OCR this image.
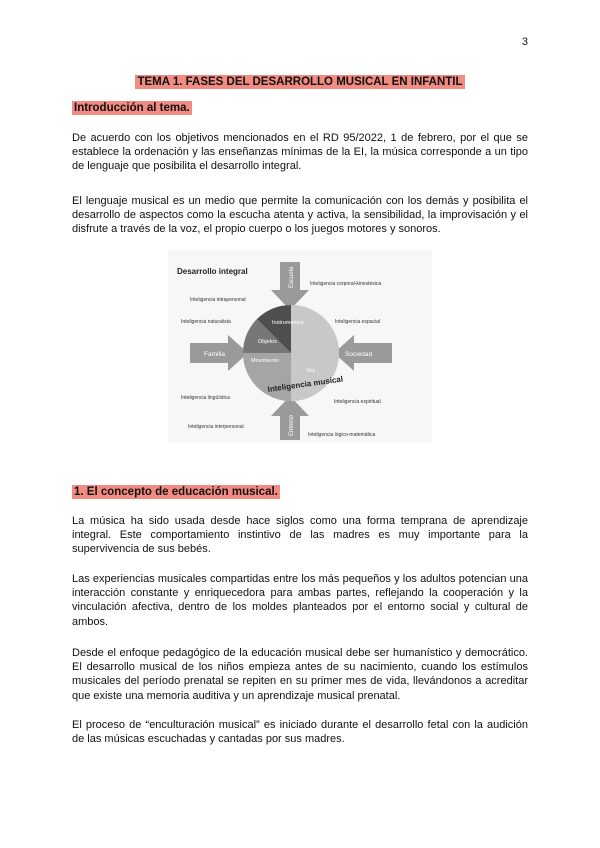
3
TEMA 1. FASES DEL DESARROLLO MUSICAL EN INFANTIL
Introducción al tema.

De acuerdo con los objetivos mencionados en el RD 95/2022, 1 de febrero, por el que se establece la ordenación y las enseñanzas mínimas de la EI, la música corresponde a un tipo de lenguaje que posibilita el desarrollo integral.

El lenguaje musical es un medio que permite la comunicación con los demás y posibilita el desarrollo de aspectos como la escucha atenta y activa, la sensibilidad, la improvisación y el disfrute a través de la voz, el propio cuerpo o los juegos motores y sonoros.

Desarrollo integral	Escuela
Familia	Sociedad
Entorno
Instrumentos
Objetos
Movimiento
Voz
Inteligencia musical
Inteligencia corporal-kinestésica
Inteligencia intrapersonal
Inteligencia naturalista	Inteligencia espacial
Inteligencia lingüística
Inteligencia espiritual
Inteligencia interpersonal
Inteligencia lógico-matemática
1. El concepto de educación musical.

La música ha sido usada desde hace siglos como una forma temprana de aprendizaje integral. Este comportamiento instintivo de las madres es muy importante para la supervivencia de sus bebés.

Las experiencias musicales compartidas entre los más pequeños y los adultos potencian una interacción constante y enriquecedora para ambas partes, reflejando la cooperación y la vinculación afectiva, dentro de los moldes planteados por el entorno social y cultural de ambos.

Desde el enfoque pedagógico de la educación musical debe ser humanístico y democrático. El desarrollo musical de los niños empieza antes de su nacimiento, cuando los estímulos musicales del período prenatal se repiten en su primer mes de vida, llevándonos a acreditar que existe una memoria auditiva y un aprendizaje musical prenatal.

El proceso de “enculturación musical” es iniciado durante el desarrollo fetal con la audición de las músicas escuchadas y cantadas por sus madres.
